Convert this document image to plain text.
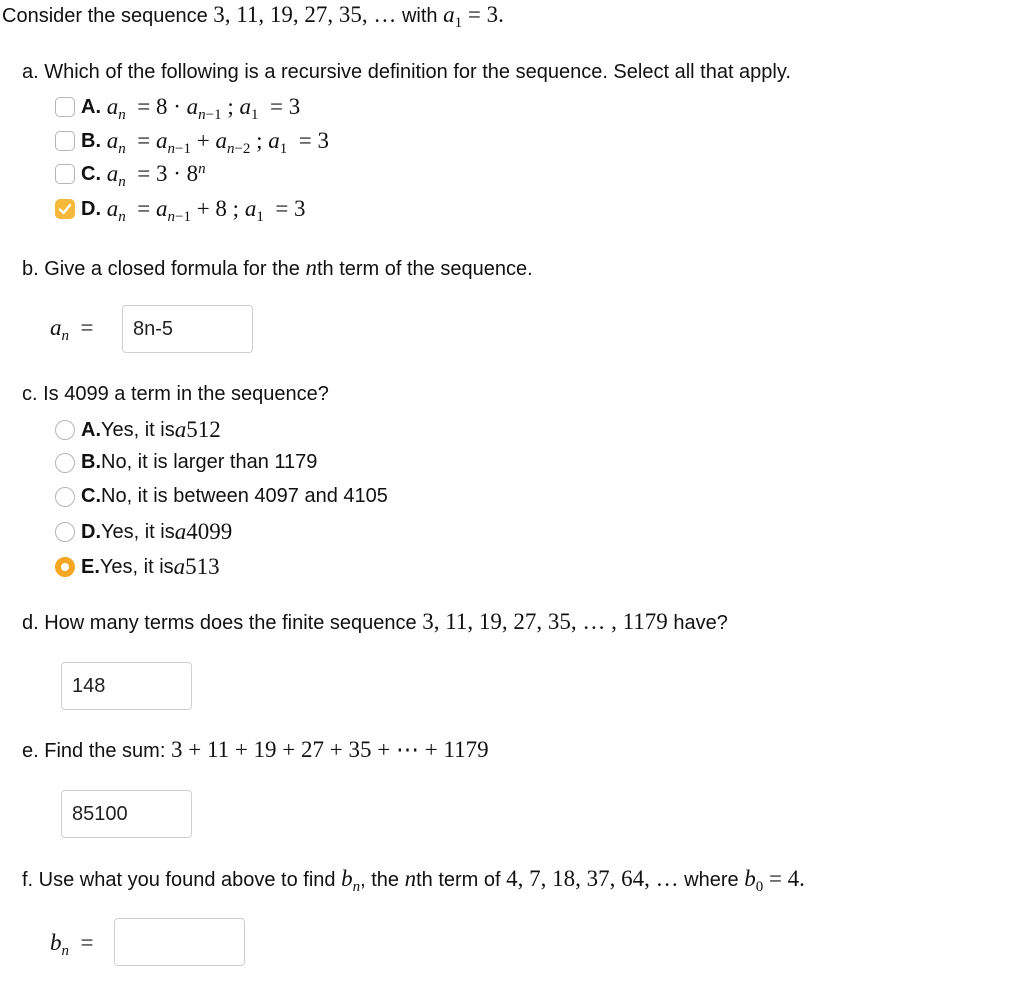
Consider the sequence 3, 11, 19, 27, 35, … with $a_1 = 3$.
a. Which of the following is a recursive definition for the sequence. Select all that apply.
A. $a_n = 8 \cdot a_{n-1}$ ; $a_1 = 3$
B. $a_n = a_{n-1} + a_{n-2}$ ; $a_1 = 3$
C. $a_n = 3 \cdot 8^n$
D. $a_n = a_{n-1} + 8$ ; $a_1 = 3$
b. Give a closed formula for the nth term of the sequence.
$a_n = 8n-5$
c. Is 4099 a term in the sequence?
A. Yes, it is a 512
B. No, it is larger than 1179
C. No, it is between 4097 and 4105
D. Yes, it is a 4099
E. Yes, it is a 513
d. How many terms does the finite sequence 3, 11, 19, 27, 35, … , 1179 have?
148
e. Find the sum: 3 + 11 + 19 + 27 + 35 + ⋯ + 1179
85100
f. Use what you found above to find $b_n$, the nth term of 4, 7, 18, 37, 64, … where $b_0 = 4$.
$b_n$  =
